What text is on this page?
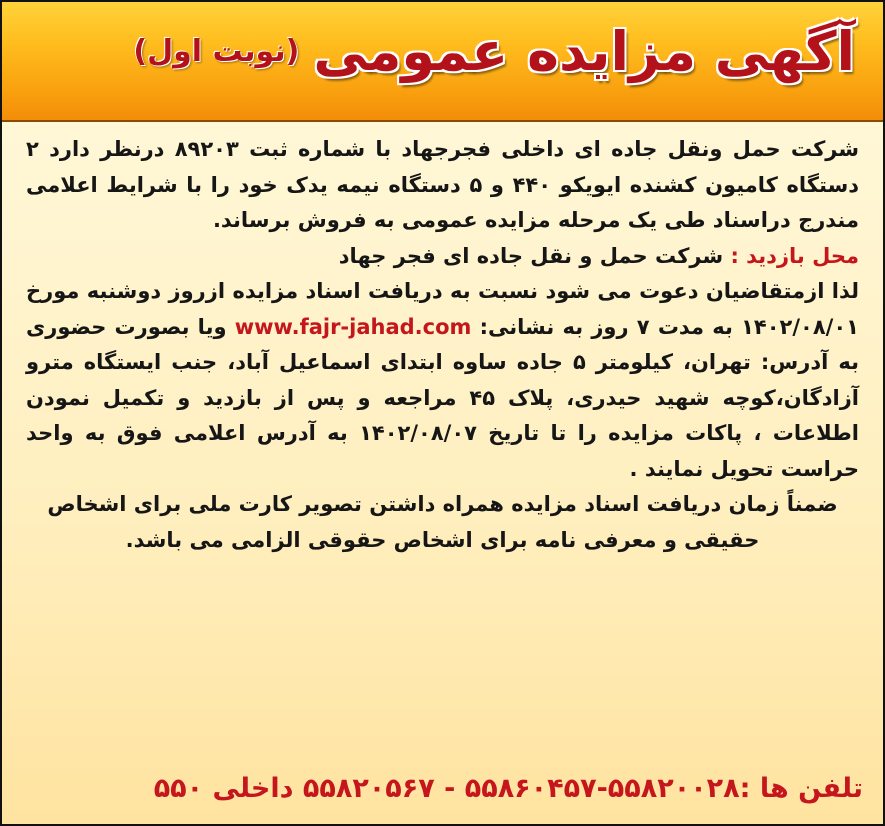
آگهی مزایده عمومی
(نوبت اول)

شرکت حمل ونقل جاده ای داخلی فجرجهاد با شماره ثبت ۸۹۲۰۳ درنظر دارد ۲ دستگاه کامیون کشنده ایویکو ۴۴۰ و ۵ دستگاه نیمه یدک خود را با شرایط اعلامی مندرج دراسناد طی یک مرحله مزایده عمومی به فروش برساند.

محل بازدید : شرکت حمل و نقل جاده ای فجر جهاد

لذا ازمتقاضیان دعوت می شود نسبت به دریافت اسناد مزایده ازروز دوشنبه مورخ ۱۴۰۲/۰۸/۰۱ به مدت ۷ روز به نشانی: www.fajr-jahad.com ویا بصورت حضوری به آدرس: تهران، کیلومتر ۵ جاده ساوه ابتدای اسماعیل آباد، جنب ایستگاه مترو آزادگان،کوچه شهید حیدری، پلاک ۴۵ مراجعه و پس از بازدید و تکمیل نمودن اطلاعات ، پاکات مزایده را تا تاریخ ۱۴۰۲/۰۸/۰۷ به آدرس اعلامی فوق به واحد حراست تحویل نمایند .

ضمناً زمان دریافت اسناد مزایده همراه داشتن تصویر کارت ملی برای اشخاص حقیقی و معرفی نامه برای اشخاص حقوقی الزامی می باشد.

تلفن ها :۵۵۸۲۰۰۲۸-۵۵۸۶۰۴۵۷ - ۵۵۸۲۰۵۶۷ داخلی ۵۵۰
